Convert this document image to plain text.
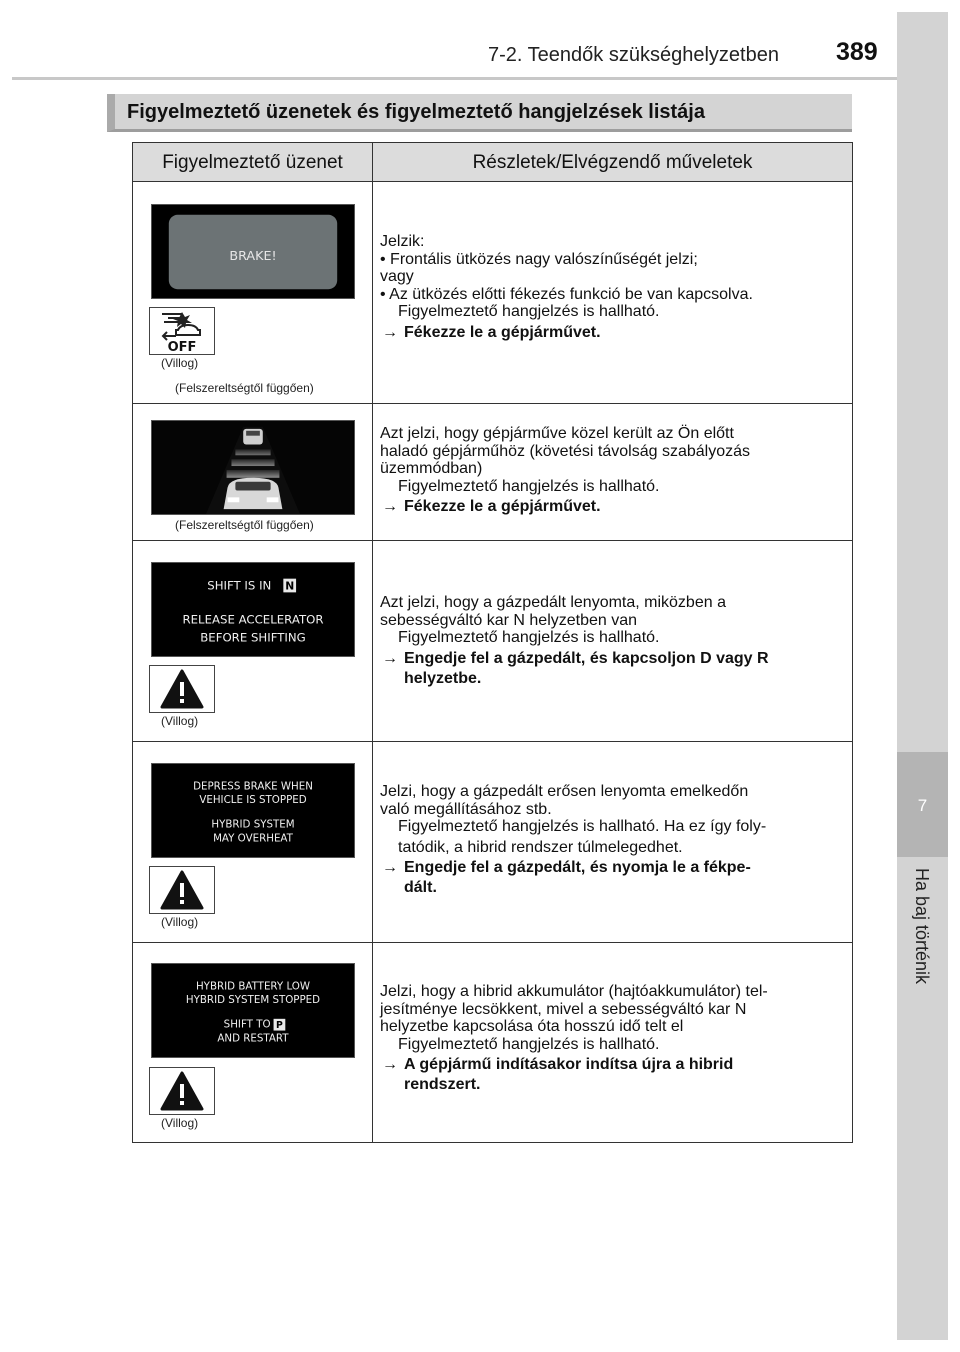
7-2. Teendők szükséghelyzetben 389
7
Ha baj történik
Figyelmeztető üzenetek és figyelmeztető hangjelzések listája
Figyelmeztető üzenet	Részletek/Elvégzendő műveletek
BRAKE!
OFF
(Villog)
(Felszereltségtől függően)
Jelzik:
• Frontális ütközés nagy valószínűségét jelzi;
vagy
• Az ütközés előtti fékezés funkció be van kapcsolva.
Figyelmeztető hangjelzés is hallható.
→ Fékezze le a gépjárművet.
(Felszereltségtől függően)
Azt jelzi, hogy gépjárműve közel került az Ön előtt
haladó gépjárműhöz (követési távolság szabályozás
üzemmódban)
Figyelmeztető hangjelzés is hallható.
→ Fékezze le a gépjárművet.
SHIFT IS IN N
RELEASE ACCELERATOR
BEFORE SHIFTING
(Villog)
Azt jelzi, hogy a gázpedált lenyomta, miközben a
sebességváltó kar N helyzetben van
Figyelmeztető hangjelzés is hallható.
→ Engedje fel a gázpedált, és kapcsoljon D vagy R
helyzetbe.
DEPRESS BRAKE WHEN
VEHICLE IS STOPPED
HYBRID SYSTEM
MAY OVERHEAT
(Villog)
Jelzi, hogy a gázpedált erősen lenyomta emelkedőn
való megállításához stb.
Figyelmeztető hangjelzés is hallható. Ha ez így foly-
tatódik, a hibrid rendszer túlmelegedhet.
→ Engedje fel a gázpedált, és nyomja le a fékpe-
dált.
HYBRID BATTERY LOW
HYBRID SYSTEM STOPPED
SHIFT TO P
AND RESTART
(Villog)
Jelzi, hogy a hibrid akkumulátor (hajtóakkumulátor) tel-
jesítménye lecsökkent, mivel a sebességváltó kar N
helyzetbe kapcsolása óta hosszú idő telt el
Figyelmeztető hangjelzés is hallható.
→ A gépjármű indításakor indítsa újra a hibrid
rendszert.
